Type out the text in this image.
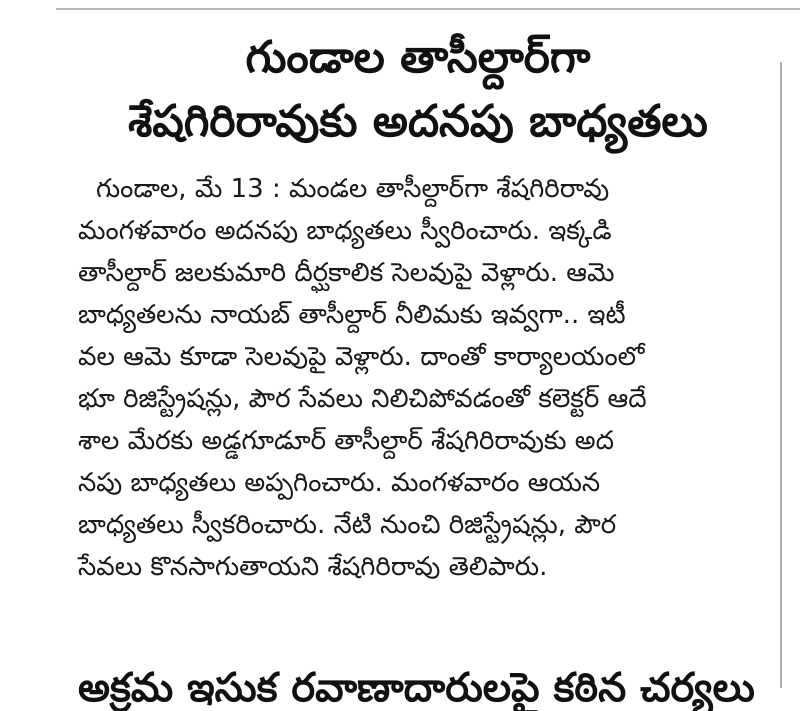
గుండాల తాసీల్దార్‌గా
శేషగిరిరావుకు అదనపు బాధ్యతలు
గుండాల, మే 13 : మండల తాసీల్దార్‌గా శేషగిరిరావు
మంగళవారం అదనపు బాధ్యతలు స్వీరించారు. ఇక్కడి
తాసీల్దార్ జలకుమారి దీర్ఘకాలిక సెలవుపై వెళ్లారు. ఆమె
బాధ్యతలను నాయబ్ తాసీల్దార్ నీలిమకు ఇవ్వగా.. ఇటీ
వల ఆమె కూడా సెలవుపై వెళ్లారు. దాంతో కార్యాలయంలో
భూ రిజిస్ట్రేషన్లు, పౌర సేవలు నిలిచిపోవడంతో కలెక్టర్ ఆదే
శాల మేరకు అడ్డగూడూర్ తాసీల్దార్ శేషగిరిరావుకు అద
నపు బాధ్యతలు అప్పగించారు. మంగళవారం ఆయన
బాధ్యతలు స్వీకరించారు. నేటి నుంచి రిజిస్ట్రేషన్లు, పౌర
సేవలు కొనసాగుతాయని శేషగిరిరావు తెలిపారు.
అక్రమ ఇసుక రవాణాదారులపై కఠిన చర్యలు
